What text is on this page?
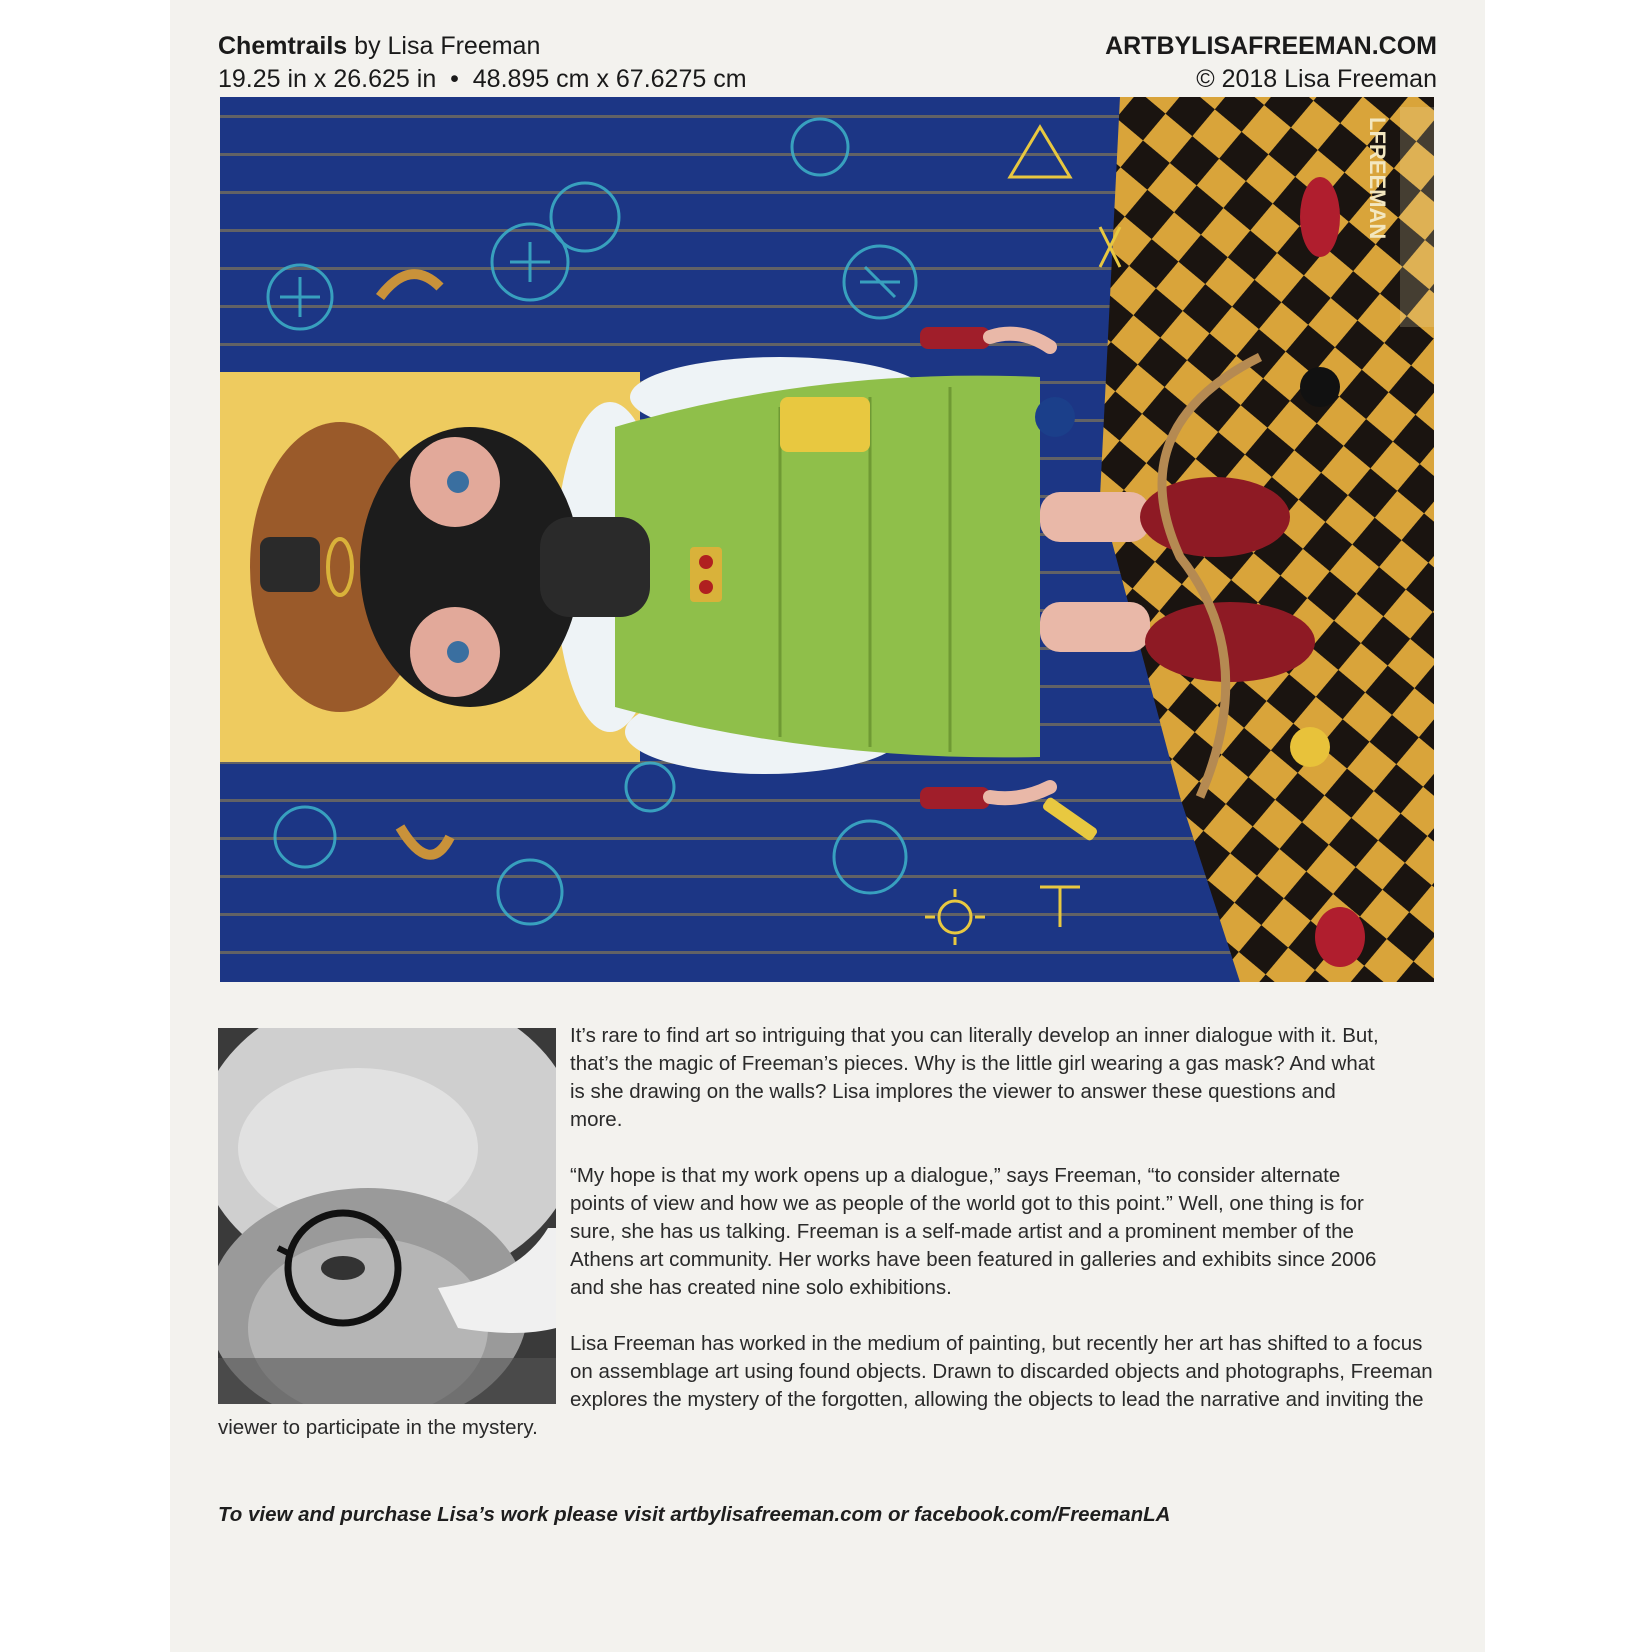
Chemtrails by Lisa Freeman
19.25 in x 26.625 in  •  48.895 cm x 67.6275 cm
ARTBYLISAFREEMAN.COM
© 2018 Lisa Freeman
LFREEMAN

It’s rare to find art so intriguing that you can literally develop an inner dialogue with it. But, that’s the magic of Freeman’s pieces. Why is the little girl wearing a gas mask? And what is she drawing on the walls? Lisa implores the viewer to answer these questions and more.

“My hope is that my work opens up a dialogue,” says Freeman, “to consider alternate points of view and how we as people of the world got to this point.” Well, one thing is for sure, she has us talking. Freeman is a self-made artist and a prominent member of the Athens art community. Her works have been featured in galleries and exhibits since 2006 and she has created nine solo exhibitions.

Lisa Freeman has worked in the medium of painting, but recently her art has shifted to a focus on assemblage art using found objects. Drawn to discarded objects and photographs, Freeman explores the mystery of the forgotten, allowing the objects to lead the narrative and inviting the viewer to participate in the mystery.

To view and purchase Lisa’s work please visit artbylisafreeman.com or facebook.com/FreemanLA
